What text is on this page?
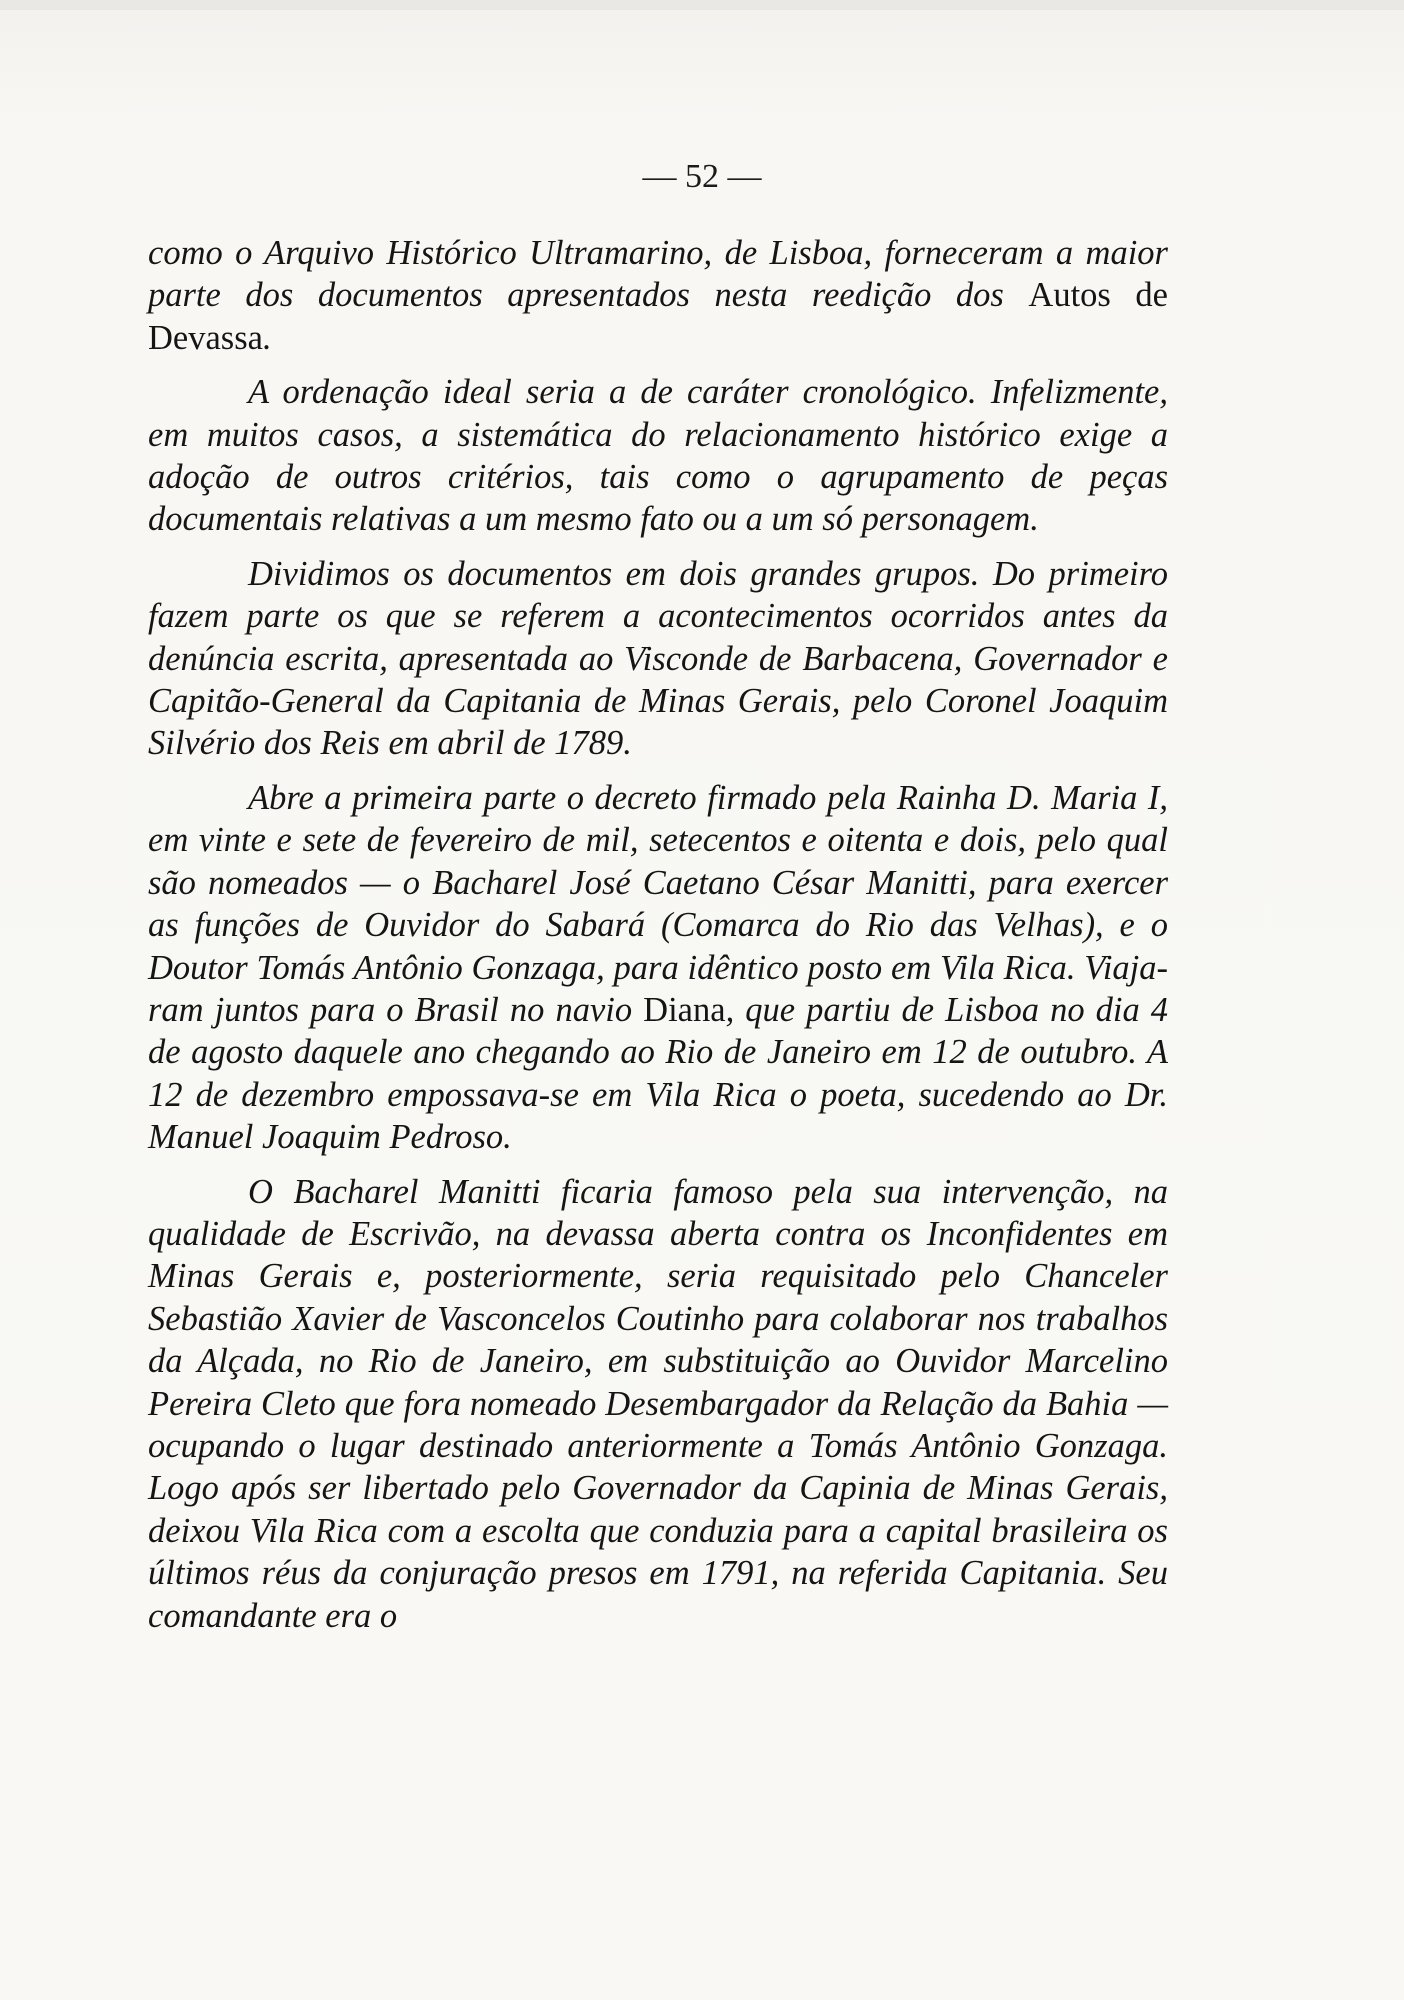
— 52 —

como o Arquivo Histórico Ultramarino, de Lisboa, forneceram a maior parte dos documentos apresentados nesta reedição dos Autos de Devassa.

A ordenação ideal seria a de caráter cronológico. Infelizmente, em muitos casos, a sistemática do relacionamento histórico exige a adoção de outros critérios, tais como o agrupamento de peças documentais relativas a um mesmo fato ou a um só personagem.

Dividimos os documentos em dois grandes grupos. Do primeiro fazem parte os que se referem a acontecimentos ocorridos antes da denúncia escrita, apresentada ao Visconde de Barbacena, Governador e Capitão-General da Capitania de Minas Gerais, pelo Coronel Joaquim Silvério dos Reis em abril de 1789.

Abre a primeira parte o decreto firmado pela Rainha D. Maria I, em vinte e sete de fevereiro de mil, setecentos e oitenta e dois, pelo qual são nomeados — o Bacharel José Caetano César Manitti, para exercer as funções de Ouvidor do Sabará (Comarca do Rio das Velhas), e o Doutor Tomás Antônio Gonzaga, para idêntico posto em Vila Rica. Viajaram juntos para o Brasil no navio Diana, que partiu de Lisboa no dia 4 de agosto daquele ano chegando ao Rio de Janeiro em 12 de outubro. A 12 de dezembro empossava-se em Vila Rica o poeta, sucedendo ao Dr. Manuel Joaquim Pedroso.

O Bacharel Manitti ficaria famoso pela sua intervenção, na qualidade de Escrivão, na devassa aberta contra os Inconfidentes em Minas Gerais e, posteriormente, seria requisitado pelo Chanceler Sebastião Xavier de Vasconcelos Coutinho para colaborar nos trabalhos da Alçada, no Rio de Janeiro, em substituição ao Ouvidor Marcelino Pereira Cleto que fora nomeado Desembargador da Relação da Bahia — ocupando o lugar destinado anteriormente a Tomás Antônio Gonzaga. Logo após ser libertado pelo Governador da Capinia de Minas Gerais, deixou Vila Rica com a escolta que conduzia para a capital brasileira os últimos réus da conjuração presos em 1791, na referida Capitania. Seu comandante era o
